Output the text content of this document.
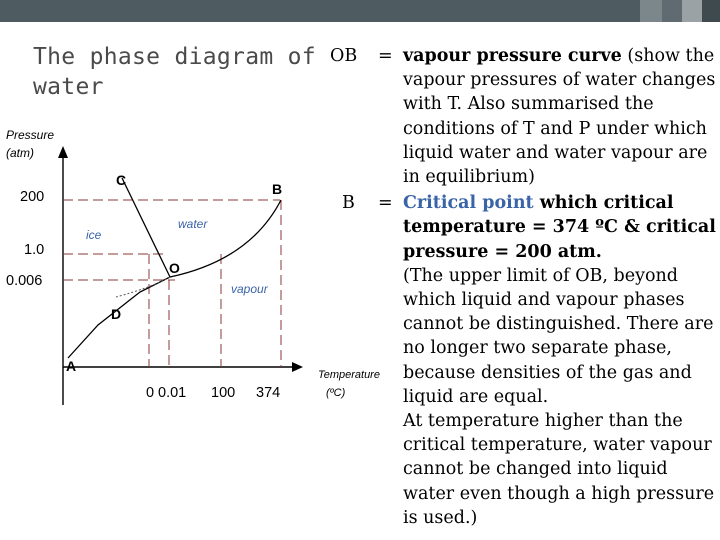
The phase diagram of water
Pressure
(atm)
200
1.0
0.006
0 0.01 100 374
C
B
O
D
A
ice
water
vapour
Temperature
(ºC)
OB = vapour pressure curve (show the vapour pressures of water changes with T. Also summarised the conditions of T and P under which liquid water and water vapour are in equilibrium)
B = Critical point which critical temperature = 374 ºC & critical pressure = 200 atm.
(The upper limit of OB, beyond which liquid and vapour phases cannot be distinguished. There are no longer two separate phase, because densities of the gas and liquid are equal.
At temperature higher than the critical temperature, water vapour cannot be changed into liquid water even though a high pressure is used.)
